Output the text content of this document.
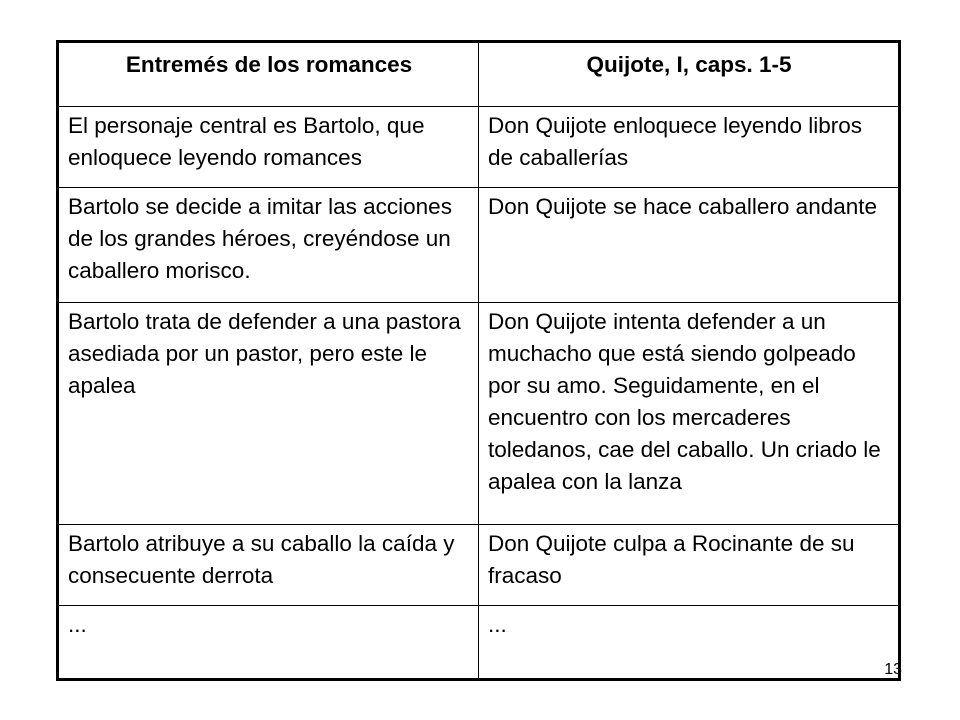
Entremés de los romances	Quijote, I, caps. 1-5
El personaje central es Bartolo, que enloquece leyendo romances	Don Quijote enloquece leyendo libros de caballerías
Bartolo se decide a imitar las acciones de los grandes héroes, creyéndose un caballero morisco.	Don Quijote se hace caballero andante
Bartolo trata de defender a una pastora asediada por un pastor, pero este le apalea	Don Quijote intenta defender a un muchacho que está siendo golpeado por su amo. Seguidamente, en el encuentro con los mercaderes toledanos, cae del caballo. Un criado le apalea con la lanza
Bartolo atribuye a su caballo la caída y consecuente derrota	Don Quijote culpa a Rocinante de su fracaso
...	...
13
